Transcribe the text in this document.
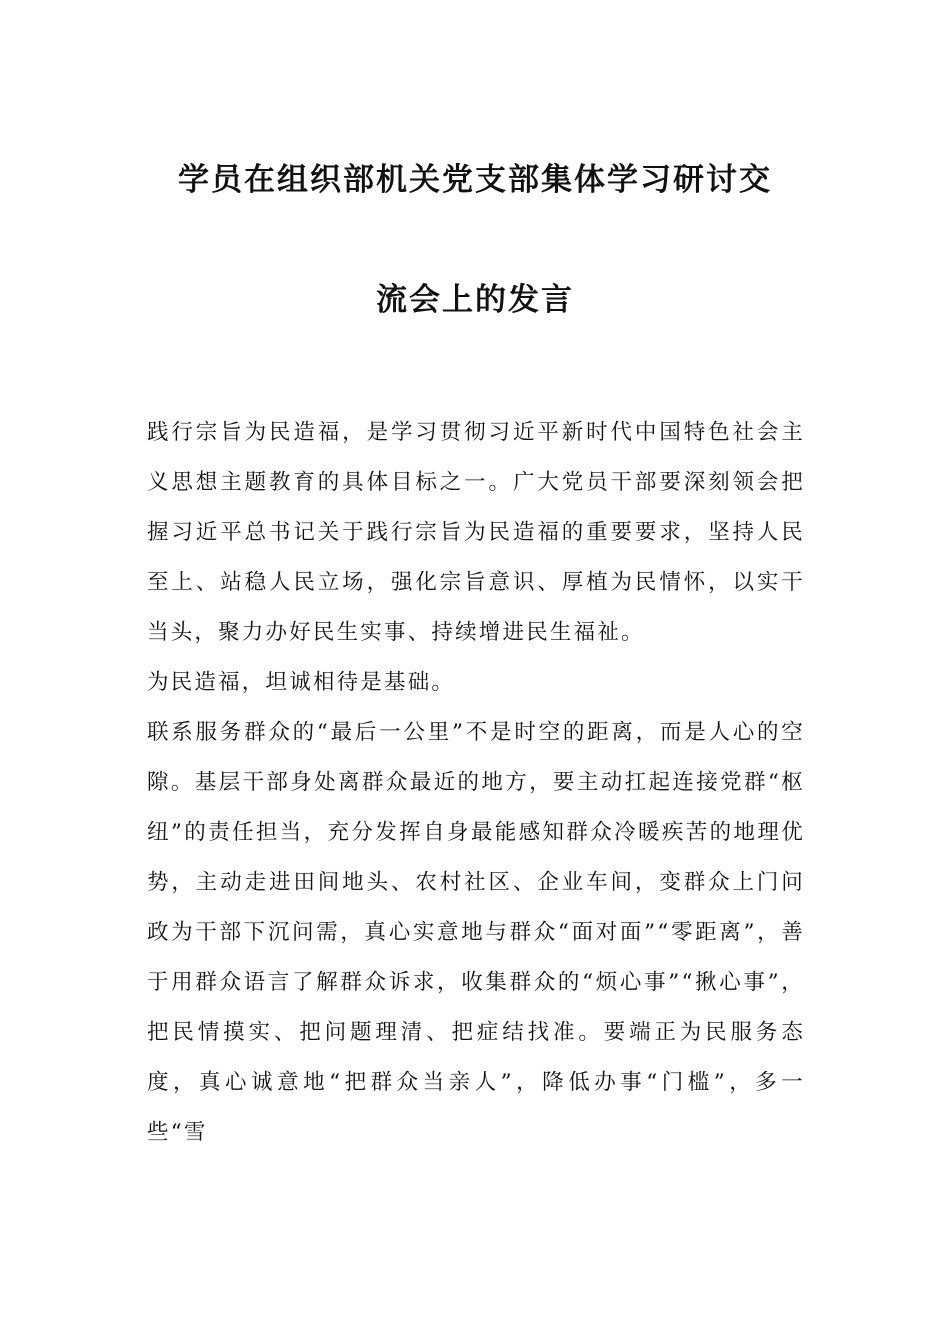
学员在组织部机关党支部集体学习研讨交
流会上的发言

践行宗旨为民造福，是学习贯彻习近平新时代中国特色社会主义思想主题教育的具体目标之一。广大党员干部要深刻领会把握习近平总书记关于践行宗旨为民造福的重要要求，坚持人民至上、站稳人民立场，强化宗旨意识、厚植为民情怀，以实干当头，聚力办好民生实事、持续增进民生福祉。

为民造福，坦诚相待是基础。

联系服务群众的“最后一公里”不是时空的距离，而是人心的空隙。基层干部身处离群众最近的地方，要主动扛起连接党群“枢纽”的责任担当，充分发挥自身最能感知群众冷暖疾苦的地理优势，主动走进田间地头、农村社区、企业车间，变群众上门问政为干部下沉问需，真心实意地与群众“面对面”“零距离”，善于用群众语言了解群众诉求，收集群众的“烦心事”“揪心事”，把民情摸实、把问题理清、把症结找准。要端正为民服务态度，真心诚意地“把群众当亲人”，降低办事“门槛”，多一些“雪
